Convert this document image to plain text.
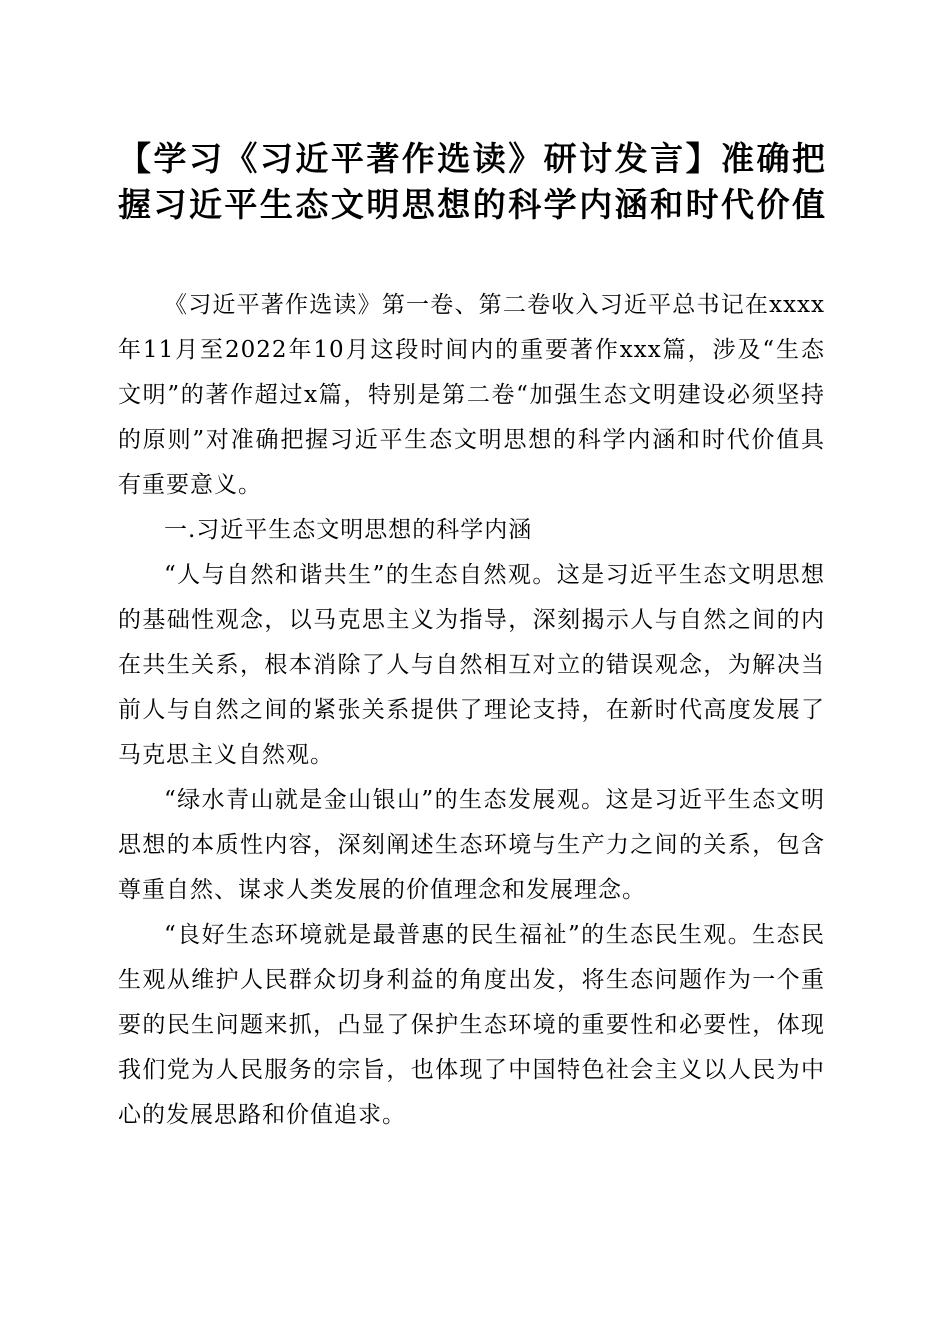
【学习《习近平著作选读》研讨发言】准确把
握习近平生态文明思想的科学内涵和时代价值

《习近平著作选读》第一卷、第二卷收入习近平总书记在xxxx年11月至2022年10月这段时间内的重要著作xxx篇，涉及“生态文明”的著作超过x篇，特别是第二卷“加强生态文明建设必须坚持的原则”对准确把握习近平生态文明思想的科学内涵和时代价值具有重要意义。

一.习近平生态文明思想的科学内涵

“人与自然和谐共生”的生态自然观。这是习近平生态文明思想的基础性观念，以马克思主义为指导，深刻揭示人与自然之间的内在共生关系，根本消除了人与自然相互对立的错误观念，为解决当前人与自然之间的紧张关系提供了理论支持，在新时代高度发展了马克思主义自然观。

“绿水青山就是金山银山”的生态发展观。这是习近平生态文明思想的本质性内容，深刻阐述生态环境与生产力之间的关系，包含尊重自然、谋求人类发展的价值理念和发展理念。

“良好生态环境就是最普惠的民生福祉”的生态民生观。生态民生观从维护人民群众切身利益的角度出发，将生态问题作为一个重要的民生问题来抓，凸显了保护生态环境的重要性和必要性，体现我们党为人民服务的宗旨，也体现了中国特色社会主义以人民为中心的发展思路和价值追求。
